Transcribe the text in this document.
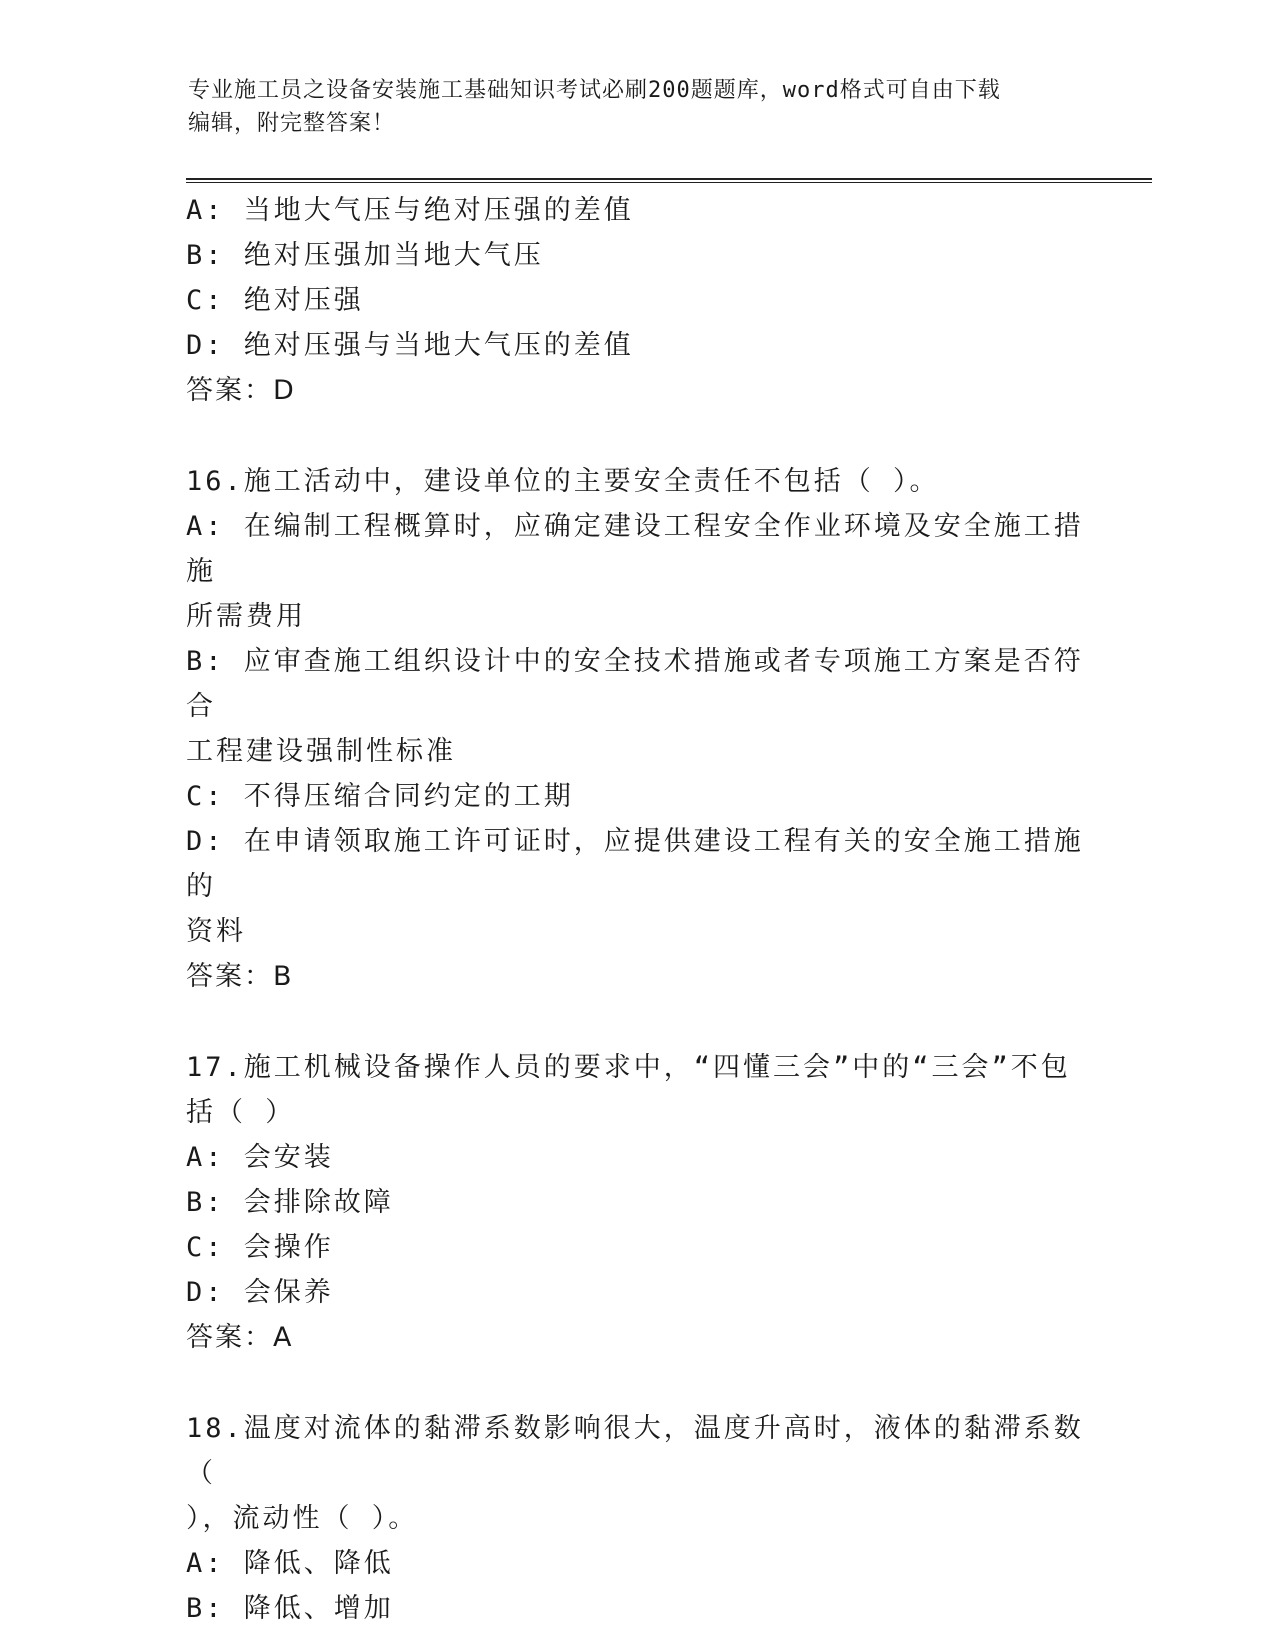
专业施工员之设备安装施工基础知识考试必刷200题题库，word格式可自由下载
编辑，附完整答案！
A: 当地大气压与绝对压强的差值
B: 绝对压强加当地大气压
C: 绝对压强
D: 绝对压强与当地大气压的差值
答案：D
16.施工活动中，建设单位的主要安全责任不包括（ ）。
A: 在编制工程概算时，应确定建设工程安全作业环境及安全施工措施
所需费用
B: 应审查施工组织设计中的安全技术措施或者专项施工方案是否符合
工程建设强制性标准
C: 不得压缩合同约定的工期
D: 在申请领取施工许可证时，应提供建设工程有关的安全施工措施的
资料
答案：B
17.施工机械设备操作人员的要求中，“四懂三会”中的“三会”不包
括（ ）
A: 会安装
B: 会排除故障
C: 会操作
D: 会保养
答案：A
18.温度对流体的黏滞系数影响很大，温度升高时，液体的黏滞系数（
），流动性（ ）。
A: 降低、降低
B: 降低、增加
